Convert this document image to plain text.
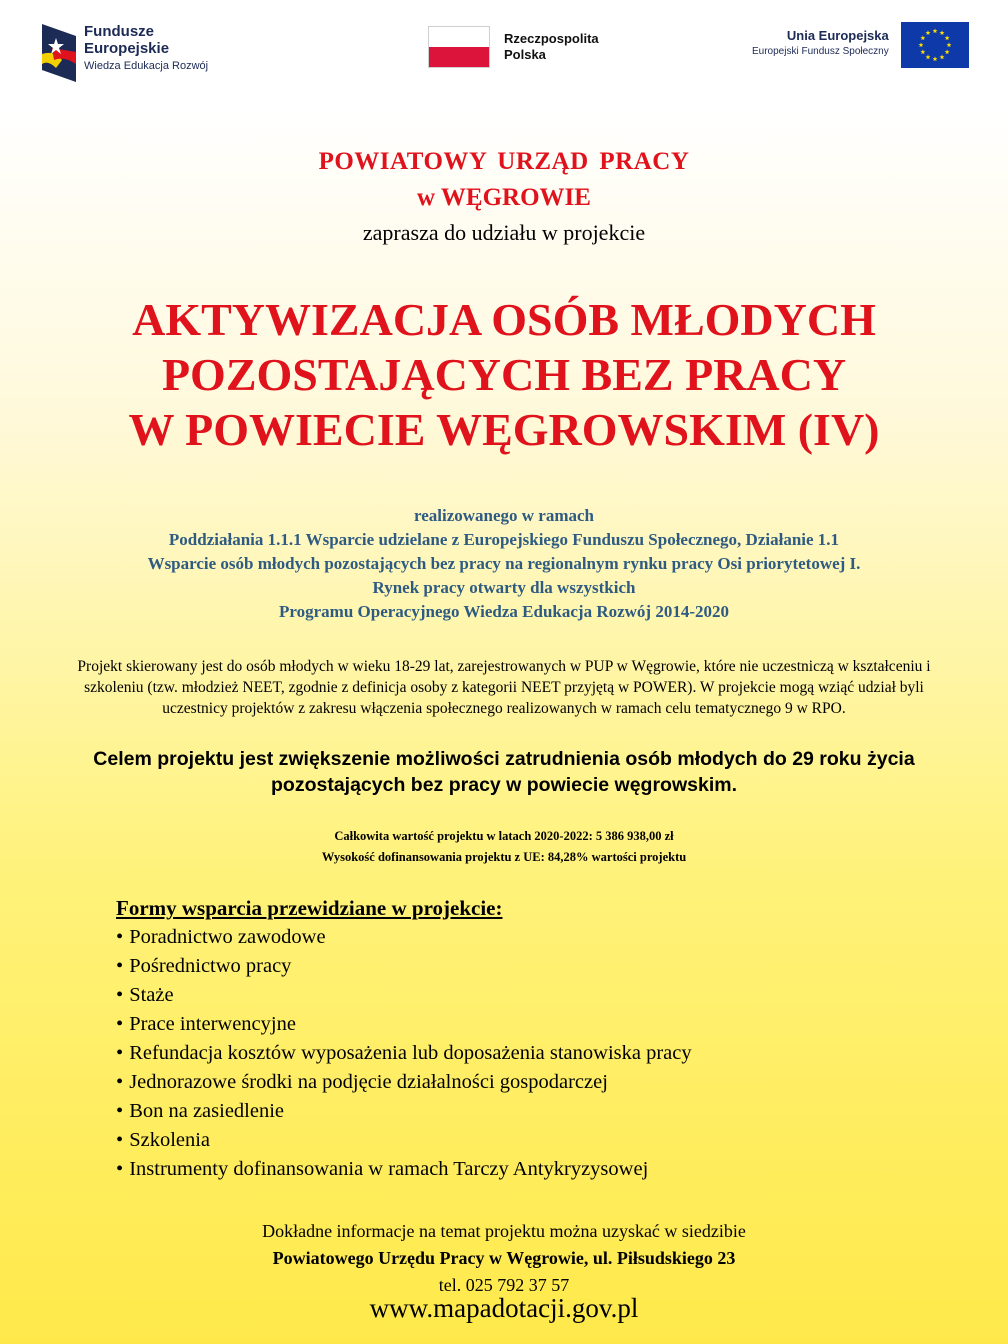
Fundusze
Europejskie
Wiedza Edukacja Rozwój
Rzeczpospolita
Polska
Unia Europejska
Europejski Fundusz Społeczny
POWIATOWY URZĄD PRACY
w WĘGROWIE
zaprasza do udziału w projekcie
AKTYWIZACJA OSÓB MŁODYCH
POZOSTAJĄCYCH BEZ PRACY
W POWIECIE WĘGROWSKIM (IV)
realizowanego w ramach
Poddziałania 1.1.1 Wsparcie udzielane z Europejskiego Funduszu Społecznego, Działanie 1.1
Wsparcie osób młodych pozostających bez pracy na regionalnym rynku pracy Osi priorytetowej I.
Rynek pracy otwarty dla wszystkich
Programu Operacyjnego Wiedza Edukacja Rozwój 2014-2020
Projekt skierowany jest do osób młodych w wieku 18-29 lat, zarejestrowanych w PUP w Węgrowie, które nie uczestniczą w kształceniu i szkoleniu (tzw. młodzież NEET, zgodnie z definicja osoby z kategorii NEET przyjętą w POWER). W projekcie mogą wziąć udział byli uczestnicy projektów z zakresu włączenia społecznego realizowanych w ramach celu tematycznego 9 w RPO.
Celem projektu jest zwiększenie możliwości zatrudnienia osób młodych do 29 roku życia
pozostających bez pracy w powiecie węgrowskim.
Całkowita wartość projektu w latach 2020-2022: 5 386 938,00 zł
Wysokość dofinansowania projektu z UE: 84,28% wartości projektu
Formy wsparcia przewidziane w projekcie:
• Poradnictwo zawodowe
• Pośrednictwo pracy
• Staże
• Prace interwencyjne
• Refundacja kosztów wyposażenia lub doposażenia stanowiska pracy
• Jednorazowe środki na podjęcie działalności gospodarczej
• Bon na zasiedlenie
• Szkolenia
• Instrumenty dofinansowania w ramach Tarczy Antykryzysowej
Dokładne informacje na temat projektu można uzyskać w siedzibie
Powiatowego Urzędu Pracy w Węgrowie, ul. Piłsudskiego 23
tel. 025 792 37 57
www.mapadotacji.gov.pl
